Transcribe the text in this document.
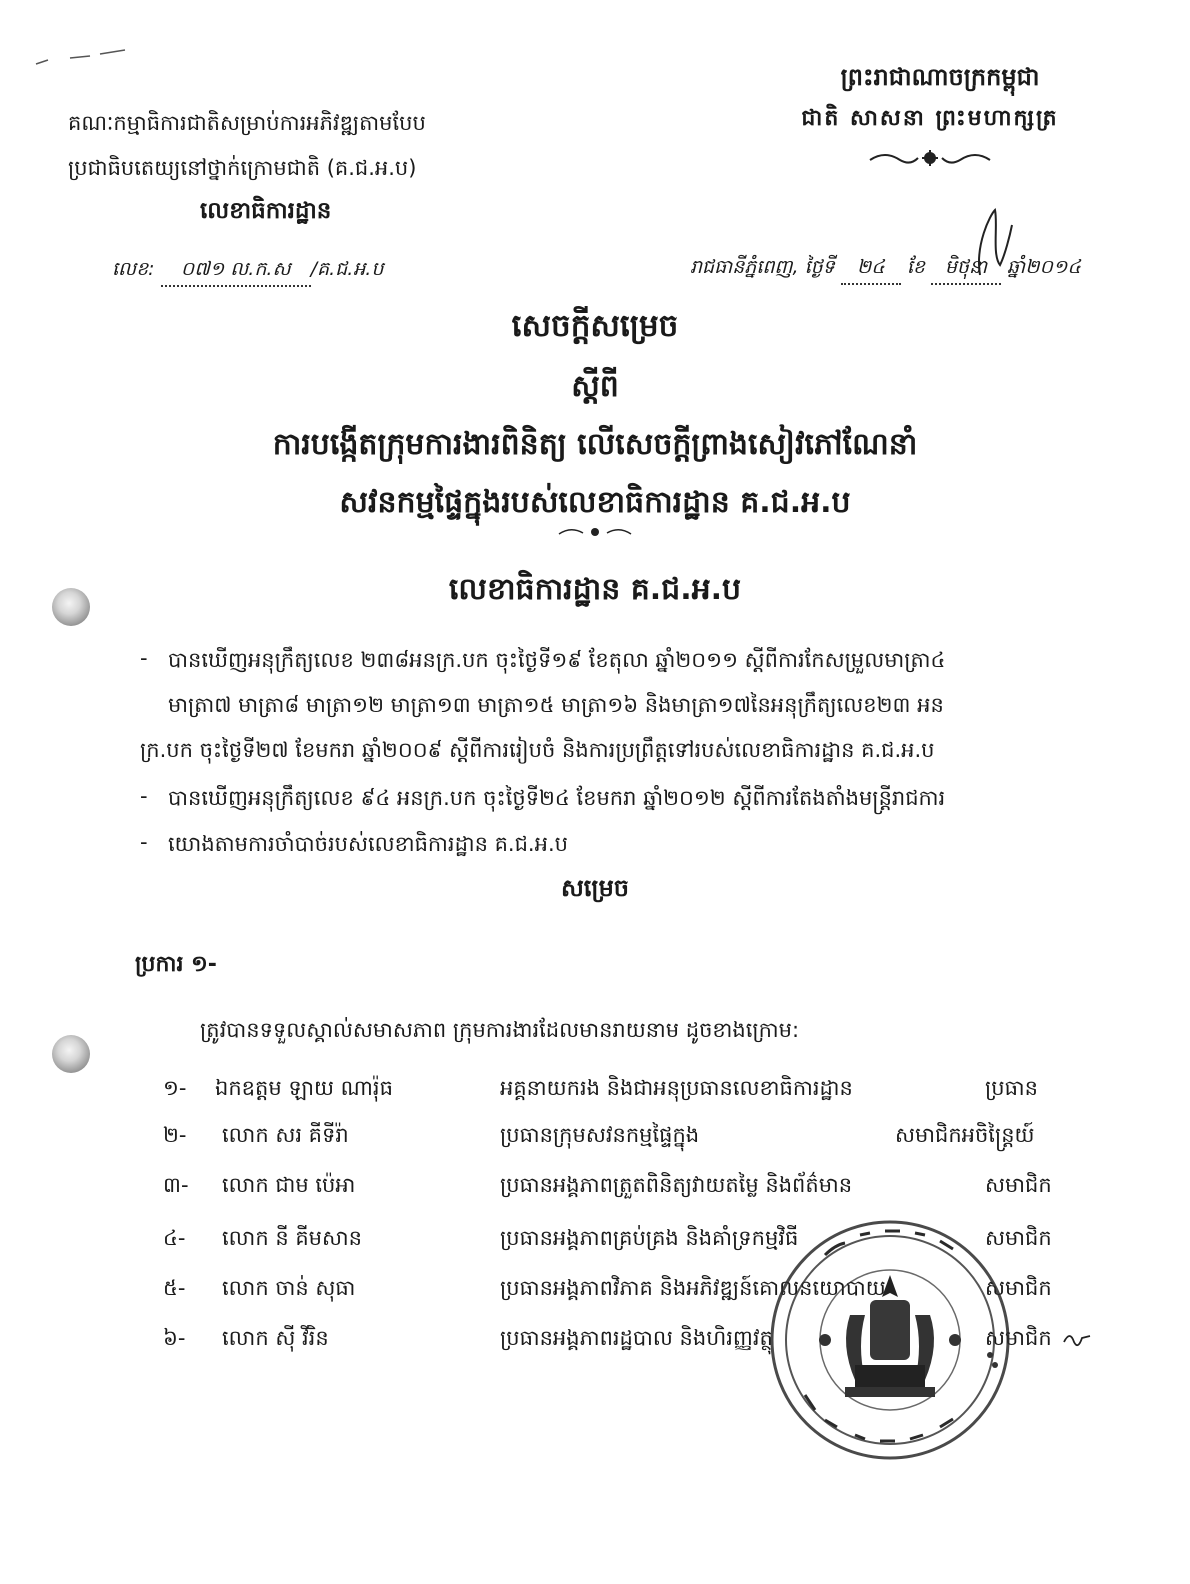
ព្រះរាជាណាចក្រកម្ពុជា
ជាតិ សាសនា ព្រះមហាក្សត្រ
គណៈកម្មាធិការជាតិសម្រាប់ការអភិវឌ្ឍតាមបែប
ប្រជាធិបតេយ្យនៅថ្នាក់ក្រោមជាតិ (គ.ជ.អ.ប)
លេខាធិការដ្ឋាន
លេខ: ០៧១ ល.ក.ស /គ.ជ.អ.ប	រាជធានីភ្នំពេញ, ថ្ងៃទី ២៤ ខែ មិថុនា ឆ្នាំ២០១៤
សេចក្តីសម្រេច
ស្តីពី
ការបង្កើតក្រុមការងារពិនិត្យ លើសេចក្តីព្រាងសៀវភៅណែនាំ
សវនកម្មផ្ទៃក្នុងរបស់លេខាធិការដ្ឋាន គ.ជ.អ.ប
លេខាធិការដ្ឋាន គ.ជ.អ.ប
- បានឃើញអនុក្រឹត្យលេខ ២៣៨អនក្រ.បក ចុះថ្ងៃទី១៩ ខែតុលា ឆ្នាំ២០១១ ស្តីពីការកែសម្រួលមាត្រា៤
មាត្រា៧ មាត្រា៨ មាត្រា១២ មាត្រា១៣ មាត្រា១៥ មាត្រា១៦ និងមាត្រា១៧នៃអនុក្រឹត្យលេខ២៣ អន
ក្រ.បក ចុះថ្ងៃទី២៧ ខែមករា ឆ្នាំ២០០៩ ស្តីពីការរៀបចំ និងការប្រព្រឹត្តទៅរបស់លេខាធិការដ្ឋាន គ.ជ.អ.ប
- បានឃើញអនុក្រឹត្យលេខ ៩៤ អនក្រ.បក ចុះថ្ងៃទី២៤ ខែមករា ឆ្នាំ២០១២ ស្តីពីការតែងតាំងមន្ត្រីរាជការ
- យោងតាមការចាំបាច់របស់លេខាធិការដ្ឋាន គ.ជ.អ.ប
សម្រេច
ប្រការ ១-
ត្រូវបានទទួលស្គាល់សមាសភាព ក្រុមការងារដែលមានរាយនាម ដូចខាងក្រោម:
១- ឯកឧត្តម ឡាយ ណារ៉ុធ	អគ្គនាយករង និងជាអនុប្រធានលេខាធិការដ្ឋាន	ប្រធាន
២- លោក សរ គីទីរ៉ា	ប្រធានក្រុមសវនកម្មផ្ទៃក្នុង	សមាជិកអចិន្ត្រៃយ៍
៣- លោក ជាម ប៉េអា	ប្រធានអង្គភាពត្រួតពិនិត្យវាយតម្លៃ និងព័ត៌មាន	សមាជិក
៤- លោក នី គីមសាន	ប្រធានអង្គភាពគ្រប់គ្រង និងគាំទ្រកម្មវិធី	សមាជិក
៥- លោក ចាន់ សុធា	ប្រធានអង្គភាពវិភាគ និងអភិវឌ្ឍន៍គោលនយោបាយ	សមាជិក
៦- លោក ស៊ី វីរិន	ប្រធានអង្គភាពរដ្ឋបាល និងហិរញ្ញវត្ថុ	សមាជិក
